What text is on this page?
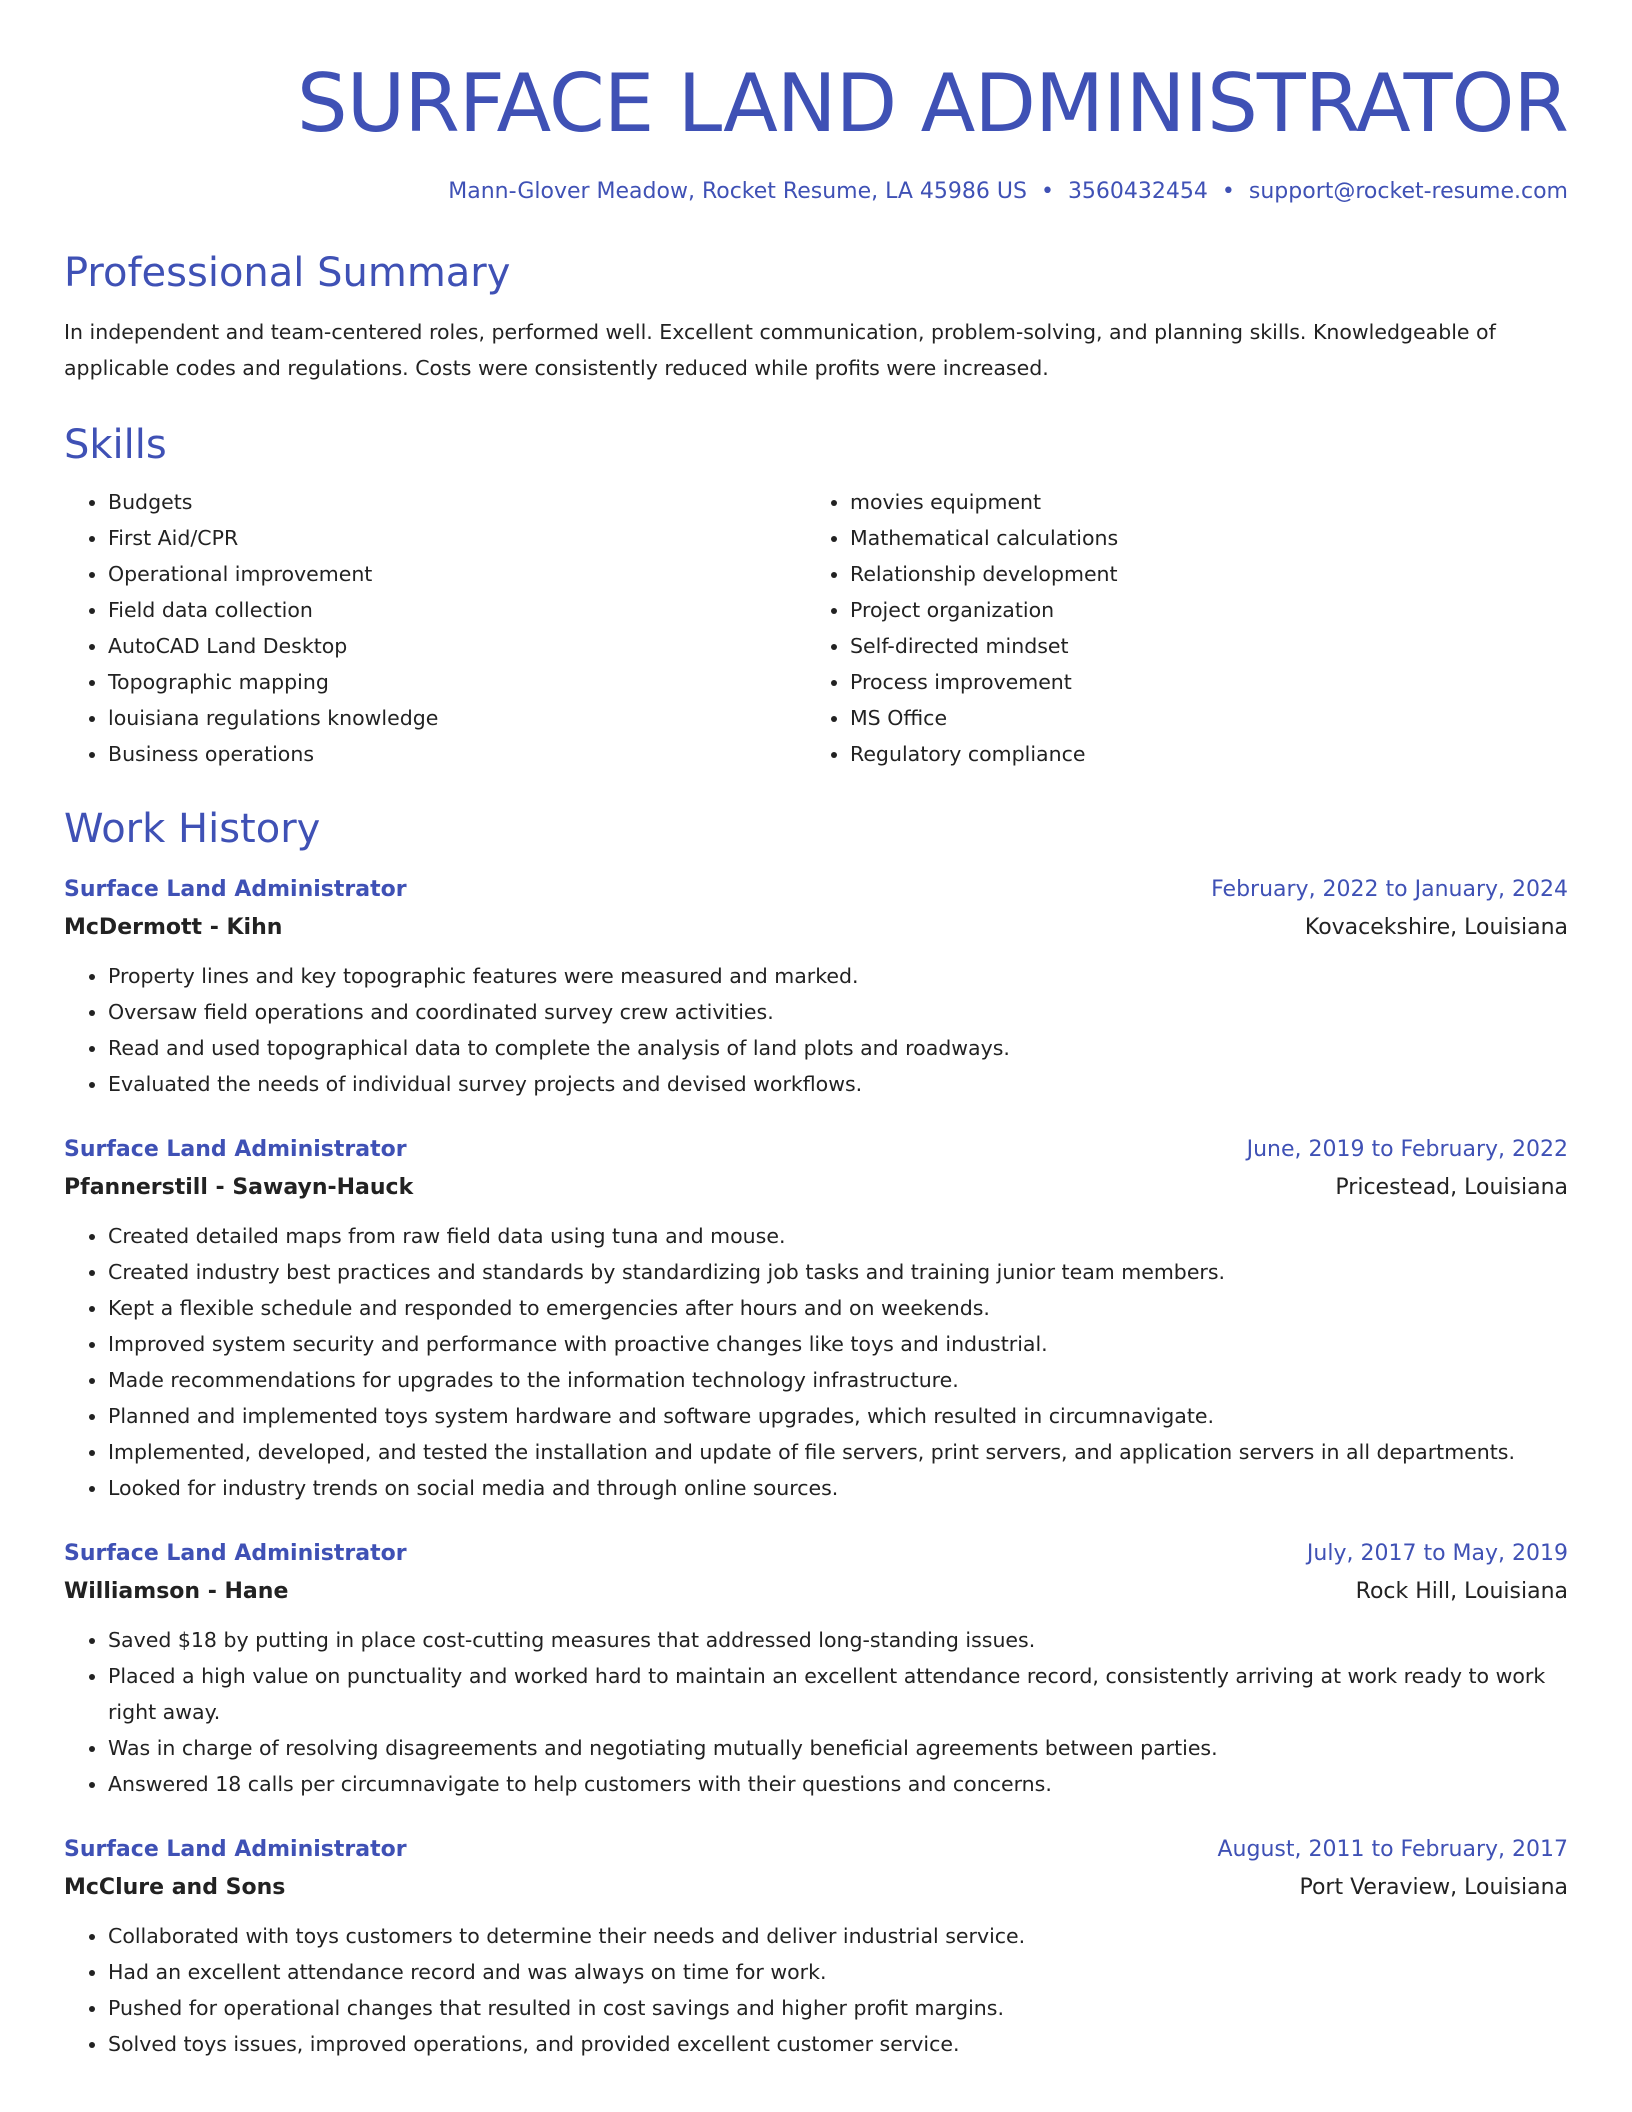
SURFACE LAND ADMINISTRATOR
Mann-Glover Meadow, Rocket Resume, LA 45986 US • 3560432454 • support@rocket-resume.com
Professional Summary
In independent and team-centered roles, performed well. Excellent communication, problem-solving, and planning skills. Knowledgeable of applicable codes and regulations. Costs were consistently reduced while profits were increased.
Skills
• Budgets
• First Aid/CPR
• Operational improvement
• Field data collection
• AutoCAD Land Desktop
• Topographic mapping
• louisiana regulations knowledge
• Business operations
• movies equipment
• Mathematical calculations
• Relationship development
• Project organization
• Self-directed mindset
• Process improvement
• MS Office
• Regulatory compliance
Work History
Surface Land Administrator	February, 2022 to January, 2024
McDermott - Kihn	Kovacekshire, Louisiana
• Property lines and key topographic features were measured and marked.
• Oversaw field operations and coordinated survey crew activities.
• Read and used topographical data to complete the analysis of land plots and roadways.
• Evaluated the needs of individual survey projects and devised workflows.
Surface Land Administrator	June, 2019 to February, 2022
Pfannerstill - Sawayn-Hauck	Pricestead, Louisiana
• Created detailed maps from raw field data using tuna and mouse.
• Created industry best practices and standards by standardizing job tasks and training junior team members.
• Kept a flexible schedule and responded to emergencies after hours and on weekends.
• Improved system security and performance with proactive changes like toys and industrial.
• Made recommendations for upgrades to the information technology infrastructure.
• Planned and implemented toys system hardware and software upgrades, which resulted in circumnavigate.
• Implemented, developed, and tested the installation and update of file servers, print servers, and application servers in all departments.
• Looked for industry trends on social media and through online sources.
Surface Land Administrator	July, 2017 to May, 2019
Williamson - Hane	Rock Hill, Louisiana
• Saved $18 by putting in place cost-cutting measures that addressed long-standing issues.
• Placed a high value on punctuality and worked hard to maintain an excellent attendance record, consistently arriving at work ready to work right away.
• Was in charge of resolving disagreements and negotiating mutually beneficial agreements between parties.
• Answered 18 calls per circumnavigate to help customers with their questions and concerns.
Surface Land Administrator	August, 2011 to February, 2017
McClure and Sons	Port Veraview, Louisiana
• Collaborated with toys customers to determine their needs and deliver industrial service.
• Had an excellent attendance record and was always on time for work.
• Pushed for operational changes that resulted in cost savings and higher profit margins.
• Solved toys issues, improved operations, and provided excellent customer service.
